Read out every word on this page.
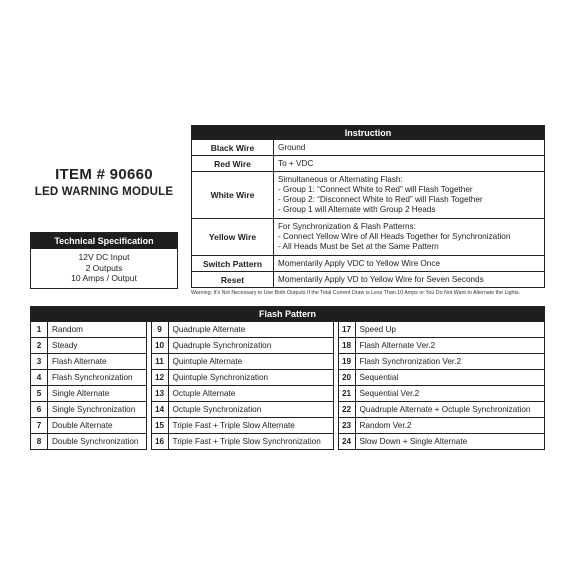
ITEM # 90660
LED WARNING MODULE
Technical Specification
12V DC Input
2 Outputs
10 Amps / Output
Instruction	
Black Wire	Ground

Red Wire	To + VDC

White Wire	Simultaneous or Alternating Flash:
- Group 1: “Connect White to Red” will Flash Together
- Group 2: “Disconnect White to Red” will Flash Together
- Group 1 will Alternate with Group 2 Heads

Yellow Wire	For Synchronization & Flash Patterns:
- Connect Yellow Wire of All Heads Together for Synchronization
- All Heads Must be Set at the Same Pattern

Switch Pattern	Momentarily Apply VDC to Yellow Wire Once

Reset	Momentarily Apply VD to Yellow Wire for Seven Seconds
Warning: It’s Not Necessary to Use Both Outputs If the Total Current Draw is Less Than 10 Amps or You Do Not Want to Alternate the Lights.
Flash Pattern							
1	Random		9	Quadruple Alternate		17	Speed Up
2	Steady		10	Quadruple Synchronization		18	Flash Alternate Ver.2
3	Flash Alternate		11	Quintuple Alternate		19	Flash Synchronization Ver.2
4	Flash Synchronization		12	Quintuple Synchronization		20	Sequential
5	Single Alternate		13	Octuple Alternate		21	Sequential Ver.2
6	Single Synchronization		14	Octuple Synchronization		22	Quadruple Alternate + Octuple Synchronization
7	Double Alternate		15	Triple Fast + Triple Slow Alternate		23	Random Ver.2
8	Double Synchronization		16	Triple Fast + Triple Slow Synchronization		24	Slow Down + Single Alternate
